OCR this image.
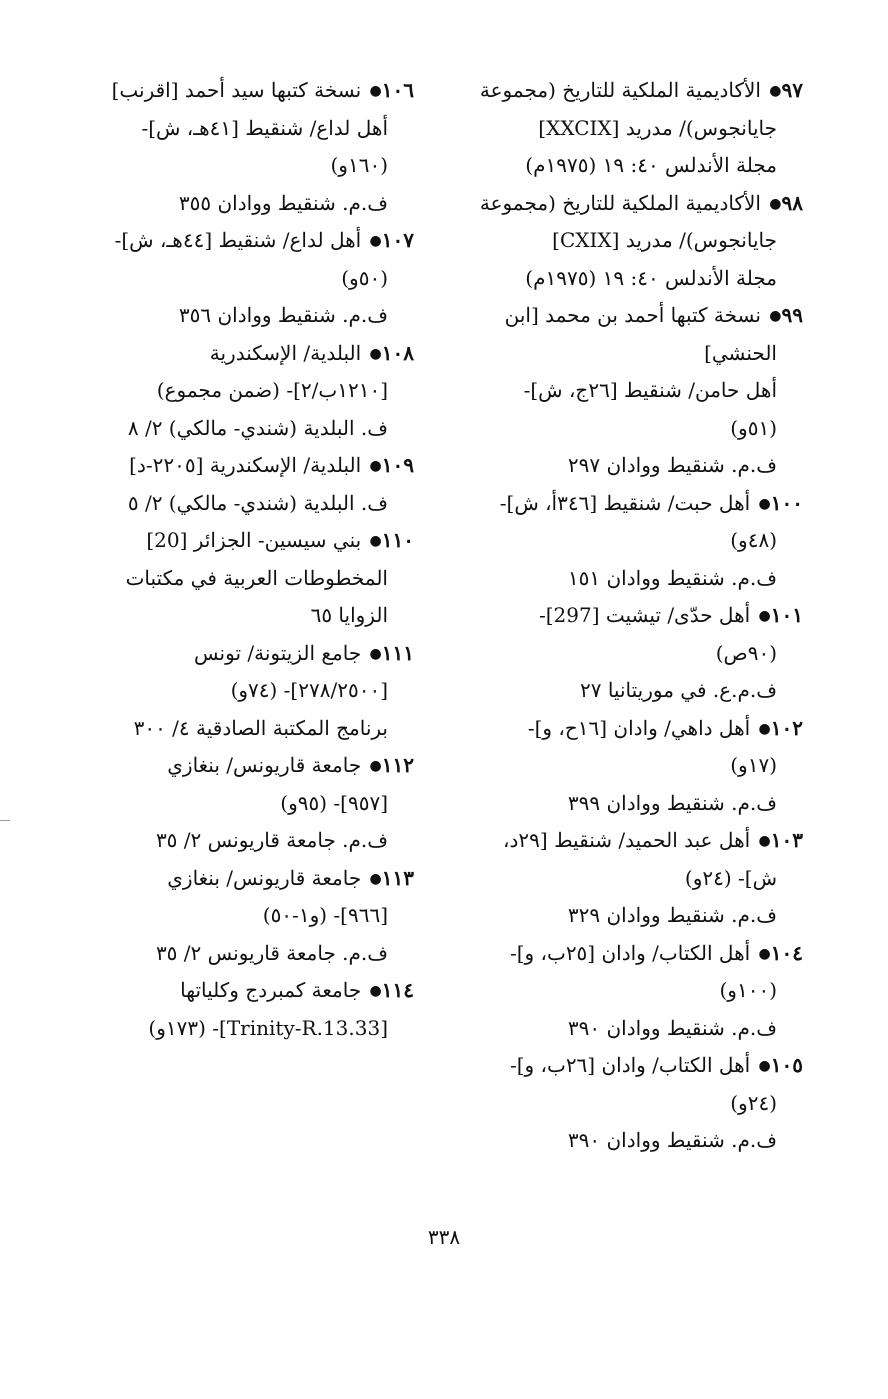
٩٧● الأكاديمية الملكية للتاريخ (مجموعة
جايانجوس)/ مدريد [XXCIX]
مجلة الأندلس ٤٠: ١٩ (١٩٧٥م)
٩٨● الأكاديمية الملكية للتاريخ (مجموعة
جايانجوس)/ مدريد [CXIX]
مجلة الأندلس ٤٠: ١٩ (١٩٧٥م)
٩٩● نسخة كتبها أحمد بن محمد [ابن
الحنشي]
أهل حامن/ شنقيط [٢٦ج، ش]-
(٥١و)
ف.م. شنقيط ووادان ٢٩٧
١٠٠● أهل حبت/ شنقيط [٣٤٦أ، ش]-
(٤٨و)
ف.م. شنقيط ووادان ١٥١
١٠١● أهل حدّى/ تيشيت [297]-
(٩٠ص)
ف.م.ع. في موريتانيا ٢٧
١٠٢● أهل داهي/ وادان [١٦ح، و]-
(١٧و)
ف.م. شنقيط ووادان ٣٩٩
١٠٣● أهل عبد الحميد/ شنقيط [٢٩د،
ش]- (٢٤و)
ف.م. شنقيط ووادان ٣٢٩
١٠٤● أهل الكتاب/ وادان [٢٥ب، و]-
(١٠٠و)
ف.م. شنقيط ووادان ٣٩٠
١٠٥● أهل الكتاب/ وادان [٢٦ب، و]-
(٢٤و)
ف.م. شنقيط ووادان ٣٩٠
١٠٦● نسخة كتبها سيد أحمد [اقرنب]
أهل لداع/ شنقيط [٤١هـ، ش]-
(١٦٠و)
ف.م. شنقيط ووادان ٣٥٥
١٠٧● أهل لداع/ شنقيط [٤٤هـ، ش]-
(٥٠و)
ف.م. شنقيط ووادان ٣٥٦
١٠٨● البلدية/ الإسكندرية
[١٢١٠ب/٢]- (ضمن مجموع)
ف. البلدية (شندي- مالكي) ٢/ ٨
١٠٩● البلدية/ الإسكندرية [٢٢٠٥-د]
ف. البلدية (شندي- مالكي) ٢/ ٥
١١٠● بني سيسين- الجزائر [20]
المخطوطات العربية في مكتبات الزوايا ٦٥
١١١● جامع الزيتونة/ تونس
[٢٧٨/٢٥٠٠]- (٧٤و)
برنامج المكتبة الصادقية ٤/ ٣٠٠
١١٢● جامعة قاريونس/ بنغازي
[٩٥٧]- (٩٥و)
ف.م. جامعة قاريونس ٢/ ٣٥
١١٣● جامعة قاريونس/ بنغازي
[٩٦٦]- (و١-٥٠)
ف.م. جامعة قاريونس ٢/ ٣٥
١١٤● جامعة كمبردج وكلياتها
[Trinity-R.13.33]- (١٧٣و)
٣٣٨
